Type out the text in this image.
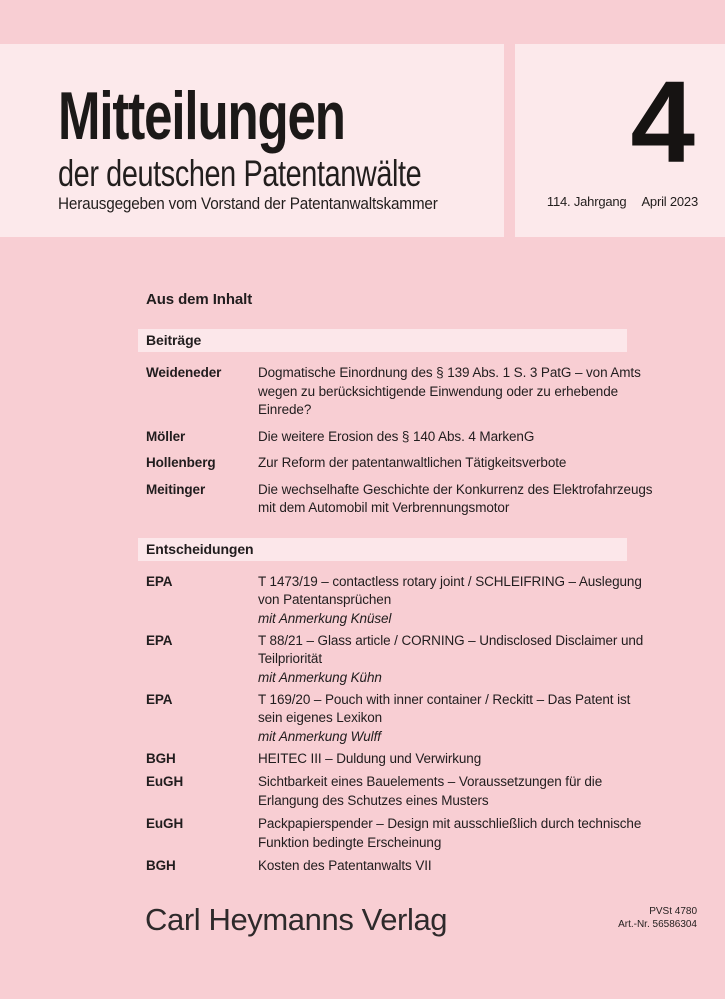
Mitteilungen
der deutschen Patentanwälte
Herausgegeben vom Vorstand der Patentanwaltskammer
4
114. Jahrgang April 2023
Aus dem Inhalt
Beiträge
Weideneder	Dogmatische Einordnung des § 139 Abs. 1 S. 3 PatG – von Amts
wegen zu berücksichtigende Einwendung oder zu erhebende
Einrede?
Möller	Die weitere Erosion des § 140 Abs. 4 MarkenG
Hollenberg	Zur Reform der patentanwaltlichen Tätigkeitsverbote
Meitinger	Die wechselhafte Geschichte der Konkurrenz des Elektrofahrzeugs
mit dem Automobil mit Verbrennungsmotor
Entscheidungen
EPA	T 1473/19 – contactless rotary joint / SCHLEIFRING – Auslegung
von Patentansprüchen
mit Anmerkung Knüsel
EPA	T 88/21 – Glass article / CORNING – Undisclosed Disclaimer und
Teilpriorität
mit Anmerkung Kühn
EPA	T 169/20 – Pouch with inner container / Reckitt – Das Patent ist
sein eigenes Lexikon
mit Anmerkung Wulff
BGH	HEITEC III – Duldung und Verwirkung
EuGH	Sichtbarkeit eines Bauelements – Voraussetzungen für die
Erlangung des Schutzes eines Musters
EuGH	Packpapierspender – Design mit ausschließlich durch technische
Funktion bedingte Erscheinung
BGH	Kosten des Patentanwalts VII
Carl Heymanns Verlag	PVSt 4780
Art.-Nr. 56586304
